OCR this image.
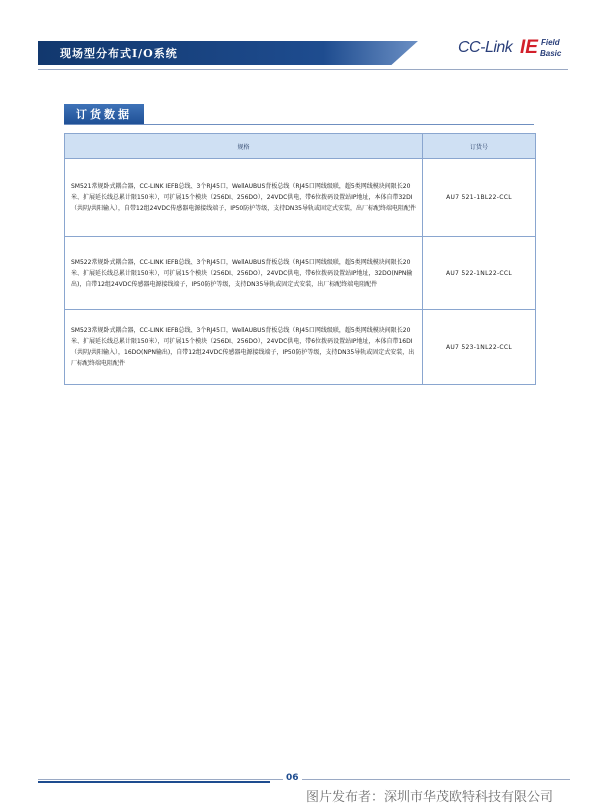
现场型分布式I/O系统	CC-Link IE Field
Basic
订货数据
规格	订货号
SM521常规卧式耦合器，CC-LINK IEFB总线、3个RJ45口，WellAUBUS背板总线（RJ45口网线级联，超5类网线模块间限长20米、扩展延长线总累计限150米），可扩展15个模块（256DI、256DO），24VDC供电，带6位拨码设置站IP地址，本体自带32DI（共阴/共阳输入），自带12组24VDC传感器电源接线端子，IP50防护等级，支持DN35导轨或固定式安装，出厂标配终端电阻配件	AU7 521-1BL22-CCL
SM522常规卧式耦合器，CC-LINK IEFB总线、3个RJ45口，WellAUBUS背板总线（RJ45口网线级联，超5类网线模块间限长20米、扩展延长线总累计限150米），可扩展15个模块（256DI、256DO），24VDC供电，带6位拨码设置站IP地址，32DO(NPN输出)，自带12组24VDC传感器电源接线端子，IP50防护等级，支持DN35导轨或固定式安装，出厂标配终端电阻配件	AU7 522-1NL22-CCL
SM523常规卧式耦合器，CC-LINK IEFB总线、3个RJ45口，WellAUBUS背板总线（RJ45口网线级联，超5类网线模块间限长20米、扩展延长线总累计限150米），可扩展15个模块（256DI、256DO），24VDC供电，带6位拨码设置站IP地址，本体自带16DI（共阴/共阳输入），16DO(NPN输出)，自带12组24VDC传感器电源接线端子，IP50防护等级，支持DN35导轨或固定式安装，出厂标配终端电阻配件	AU7 523-1NL22-CCL
06
图片发布者：深圳市华茂欧特科技有限公司
